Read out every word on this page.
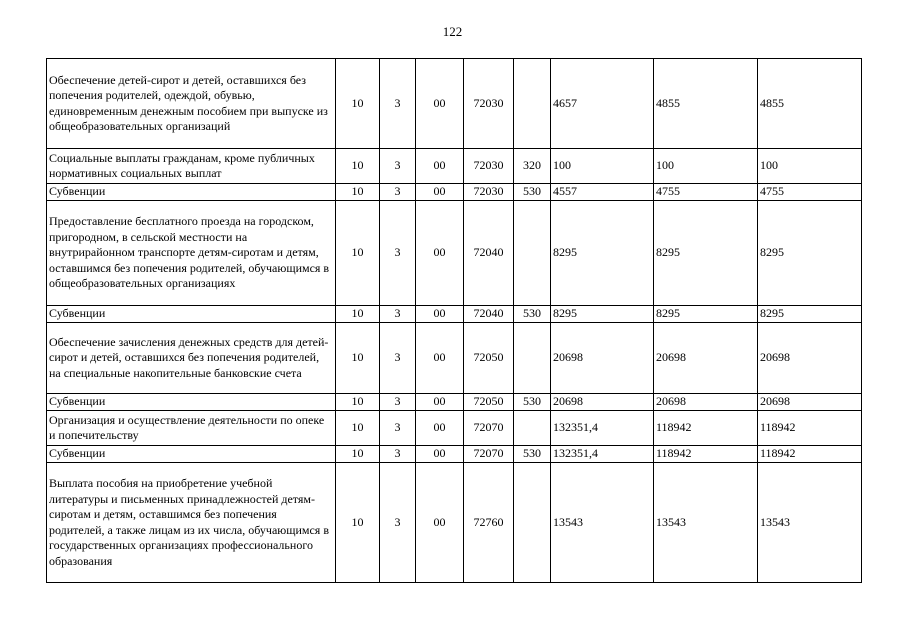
122
Обеспечение детей-сирот и детей, оставшихся без попечения родителей, одеждой, обувью, единовременным денежным пособием при выпуске из общеобразовательных организаций	10	3	00	72030		4657	4855	4855
Социальные выплаты гражданам, кроме публичных нормативных социальных выплат	10	3	00	72030	320	100	100	100
Субвенции	10	3	00	72030	530	4557	4755	4755
Предоставление бесплатного проезда на городском, пригородном, в сельской местности на внутрирайонном транспорте детям-сиротам и детям, оставшимся без попечения родителей, обучающимся в общеобразовательных организациях	10	3	00	72040		8295	8295	8295
Субвенции	10	3	00	72040	530	8295	8295	8295
Обеспечение зачисления денежных средств для детей-сирот и детей, оставшихся без попечения родителей, на специальные накопительные банковские счета	10	3	00	72050		20698	20698	20698
Субвенции	10	3	00	72050	530	20698	20698	20698
Организация и осуществление деятельности по опеке и попечительству	10	3	00	72070		132351,4	118942	118942
Субвенции	10	3	00	72070	530	132351,4	118942	118942
Выплата пособия на приобретение учебной литературы и письменных принадлежностей детям-сиротам и детям, оставшимся без попечения родителей, а также лицам из их числа, обучающимся в государственных организациях профессионального образования	10	3	00	72760		13543	13543	13543
